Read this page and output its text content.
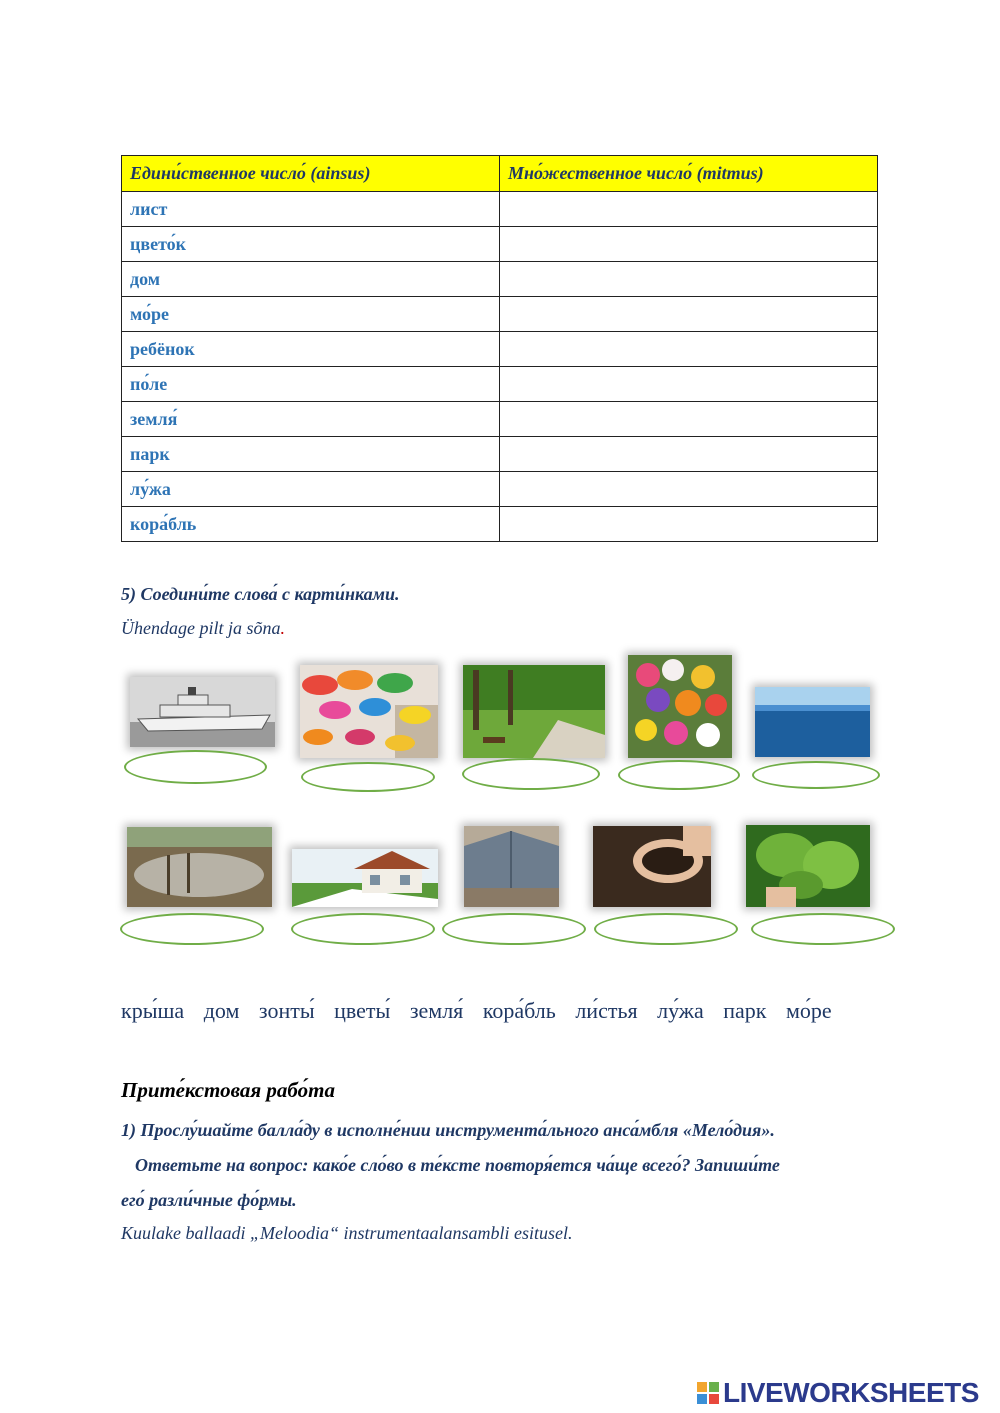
Едини́ственное число́ (ainsus)	Мно́жественное число́ (mitmus)
лист	
цвето́к	
дом	
мо́ре	
ребёнок	
по́ле	
земля́	
парк	
лу́жа	
кора́бль	
5) Соедини́те слова́ с карти́нками.
Ühendage pilt ja sõna.
кры́ша дом зонты́ цветы́ земля́ кора́бль ли́стья лу́жа парк мо́ре
Прите́кстовая рабо́та
1) Прослу́шайте балла́ду в исполне́нии инструмента́льного анса́мбля «Мело́дия».
Ответьте на вопрос: како́е сло́во в те́ксте повторя́ется ча́ще всего́? Запиши́те
его́ разли́чные фо́рмы.
Kuulake ballaadi „Meloodia“ instrumentaalansambli esitusel.
LIVEWORKSHEETS
